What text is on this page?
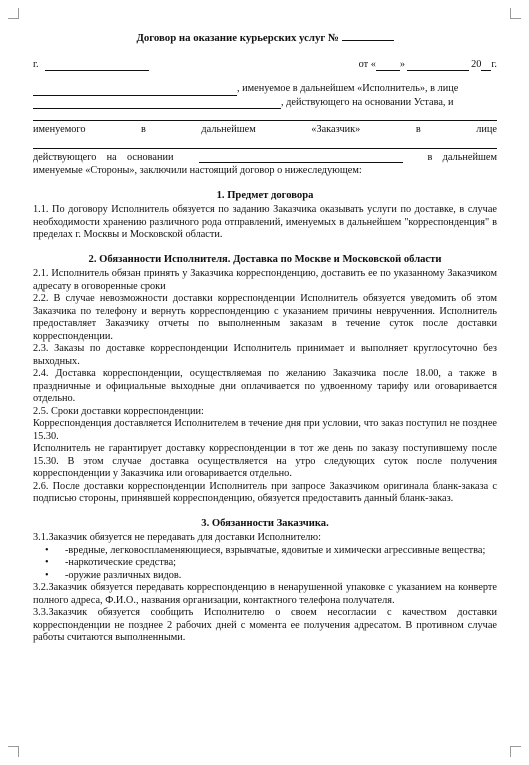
Договор на оказание курьерских услуг №
г.	от « »	20 г.
, именуемое в дальнейшем «Исполнитель», в лице
, действующего на основании Устава, и
именуемого	в	дальнейшем	«Заказчик»	в	лице
действующего    на    основании	в    дальнейшем
именуемые «Стороны», заключили настоящий договор о нижеследующем:
1. Предмет договора

1.1. По договору Исполнитель обязуется по заданию Заказчика оказывать услуги по доставке, в случае необходимости хранению различного рода отправлений, именуемых в дальнейшем "корреспонденция" в пределах г. Москвы и Московской области.

2. Обязанности Исполнителя. Доставка по Москве и Московской области

2.1. Исполнитель обязан принять у Заказчика корреспонденцию, доставить ее по указанному Заказчиком адресату в оговоренные сроки

2.2. В случае невозможности доставки корреспонденции Исполнитель обязуется уведомить об этом Заказчика по телефону и вернуть корреспонденцию с указанием причины неврученния. Исполнитель предоставляет Заказчику отчеты по выполненным заказам в течение суток после доставки корреспонденции.

2.3. Заказы по доставке корреспонденции Исполнитель принимает и выполняет круглосуточно без выходных.

2.4. Доставка корреспонденции, осуществляемая по желанию Заказчика после 18.00, а также в праздничные и официальные выходные дни оплачивается по удвоенному тарифу или оговаривается отдельно.

2.5. Сроки доставки корреспонденции:

Корреспонденция доставляется Исполнителем в течение дня при условии, что заказ поступил не позднее 15.30.

Исполнитель не гарантирует доставку корреспонденции в тот же день по заказу поступившему после 15.30. В этом случае доставка осуществляется на утро следующих суток после получения корреспонденции у Заказчика или оговаривается отдельно.

2.6. После доставки корреспонденции Исполнитель при запросе Заказчиком оригинала бланк-заказа с подписью стороны, принявшей корреспонденцию, обязуется предоставить данный бланк-заказ.

3. Обязанности Заказчика.

3.1.Заказчик обязуется не передавать для доставки Исполнителю:

• -вредные, легковоспламеняющиеся, взрывчатые, ядовитые и химически агрессивные вещества;
• -наркотические средства;
• -оружие различных видов.

3.2.Заказчик обязуется передавать корреспонденцию в ненарушенной упаковке с указанием на конверте полного адреса, Ф.И.О., названия организации, контактного телефона получателя.

3.3.Заказчик обязуется сообщить Исполнителю о своем несогласии с качеством доставки корреспонденции не позднее 2 рабочих дней с момента ее получения адресатом. В противном случае работы считаются выполненными.
